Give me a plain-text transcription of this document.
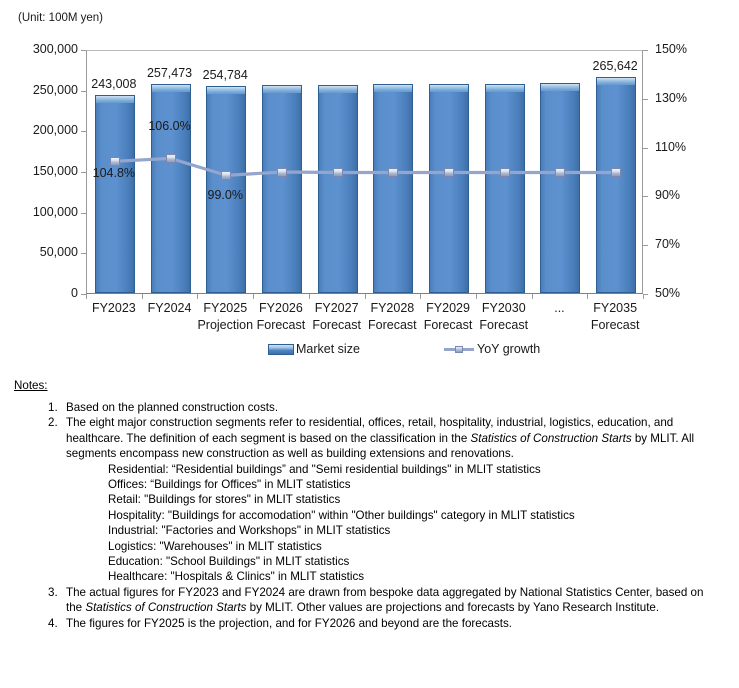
(Unit: 100M yen)
300,000
250,000
200,000
150,000
100,000
50,000
0
150%
130%
110%
90%
70%
50%
243,008
257,473 254,784
265,642
104.8%
106.0%
99.0%
FY2023 FY2024 FY2025
Projection
FY2026
Forecast
FY2027
Forecast
FY2028
Forecast
FY2029
Forecast
FY2030
Forecast
...	FY2035
Forecast
Market size	YoY growth
Notes:
1. Based on the planned construction costs.
2. The eight major construction segments refer to residential, offices, retail, hospitality, industrial, logistics, education, and healthcare. The definition of each segment is based on the classification in the Statistics of Construction Starts by MLIT. All segments encompass new construction as well as building extensions and renovations.
Residential: “Residential buildings” and "Semi residential buildings" in MLIT statistics
Offices: “Buildings for Offices" in MLIT statistics
Retail: "Buildings for stores" in MLIT statistics
Hospitality: "Buildings for accomodation" within "Other buildings" category in MLIT statistics
Industrial: "Factories and Workshops" in MLIT statistics
Logistics: "Warehouses" in MLIT statistics
Education: "School Buildings" in MLIT statistics
Healthcare: "Hospitals & Clinics" in MLIT statistics
3. The actual figures for FY2023 and FY2024 are drawn from bespoke data aggregated by National Statistics Center, based on the Statistics of Construction Starts by MLIT. Other values are projections and forecasts by Yano Research Institute.
4. The figures for FY2025 is the projection, and for FY2026 and beyond are the forecasts.
